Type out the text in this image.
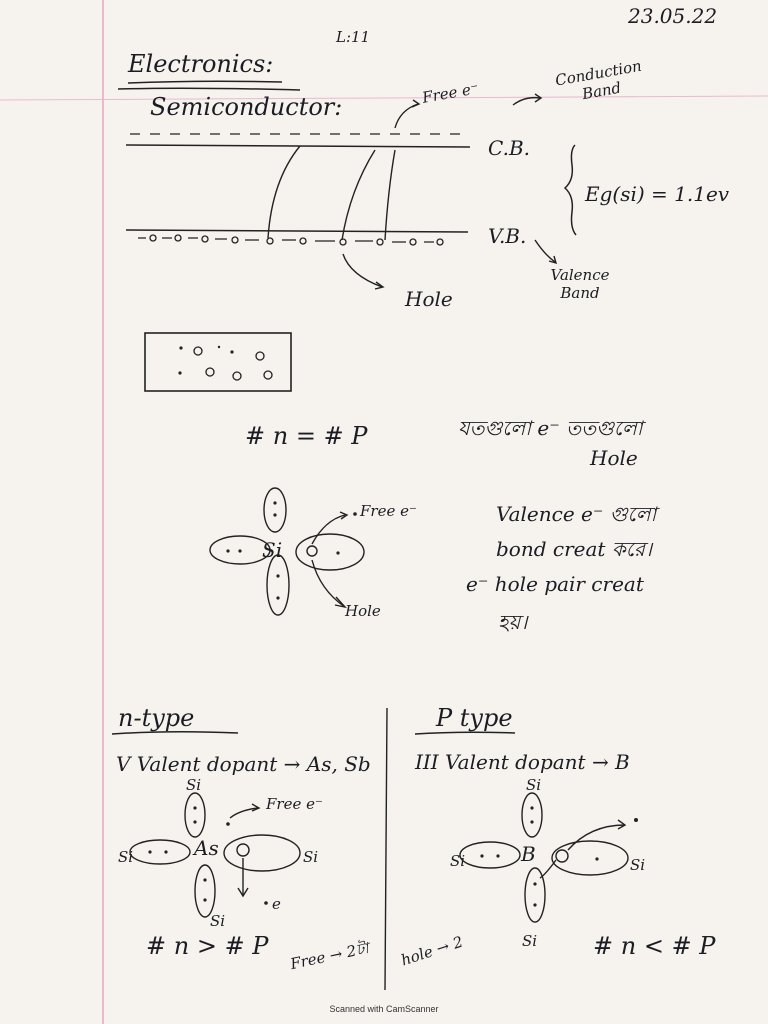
23.05.22
L:11
Electronics:
Semiconductor:	Free e⁻
Conduction Band
C.B.
V.B.
Eg(si) = 1.1ev
Valence Band
Hole
# n = # P	যতগুলো e⁻ ততগুলো
Hole
Si
Free e⁻
Hole
Valence e⁻ গুলো
bond creat করে।
e⁻ hole pair creat
হয়।
n-type
V Valent dopant → As, Sb
Si
Si	Si
Si
As
Free e⁻
e
# n > # P Free → 2টা
P type
III Valent dopant → B
Si
Si	Si
Si
B
hole → 2	# n < # P
Scanned with CamScanner
